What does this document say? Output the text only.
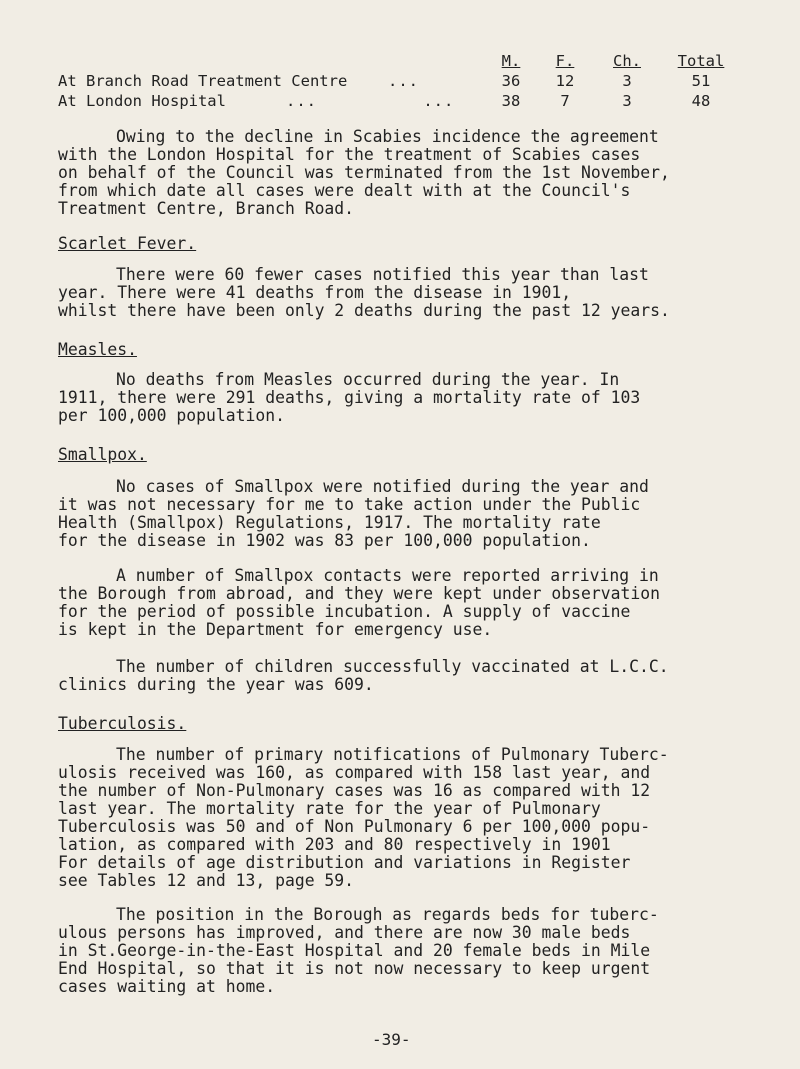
M.	F.	Ch.	Total
At Branch Road Treatment Centre	...	36	12	3	51
At London Hospital	... ...	38	7	3	48

Owing to the decline in Scabies incidence the agreement
with the London Hospital for the treatment of Scabies cases
on behalf of the Council was terminated from the 1st November,
from which date all cases were dealt with at the Council's
Treatment Centre, Branch Road.

Scarlet Fever.

There were 60 fewer cases notified this year than last
year. There were 41 deaths from the disease in 1901,
whilst there have been only 2 deaths during the past 12 years.

Measles.

No deaths from Measles occurred during the year. In
1911, there were 291 deaths, giving a mortality rate of 103
per 100,000 population.

Smallpox.

No cases of Smallpox were notified during the year and
it was not necessary for me to take action under the Public
Health (Smallpox) Regulations, 1917. The mortality rate
for the disease in 1902 was 83 per 100,000 population.

A number of Smallpox contacts were reported arriving in
the Borough from abroad, and they were kept under observation
for the period of possible incubation. A supply of vaccine
is kept in the Department for emergency use.

The number of children successfully vaccinated at L.C.C.
clinics during the year was 609.

Tuberculosis.

The number of primary notifications of Pulmonary Tuberc-
ulosis received was 160, as compared with 158 last year, and
the number of Non-Pulmonary cases was 16 as compared with 12
last year. The mortality rate for the year of Pulmonary
Tuberculosis was 50 and of Non Pulmonary 6 per 100,000 popu-
lation, as compared with 203 and 80 respectively in 1901
For details of age distribution and variations in Register
see Tables 12 and 13, page 59.

The position in the Borough as regards beds for tuberc-
ulous persons has improved, and there are now 30 male beds
in St.George-in-the-East Hospital and 20 female beds in Mile
End Hospital, so that it is not now necessary to keep urgent
cases waiting at home.

-39-
